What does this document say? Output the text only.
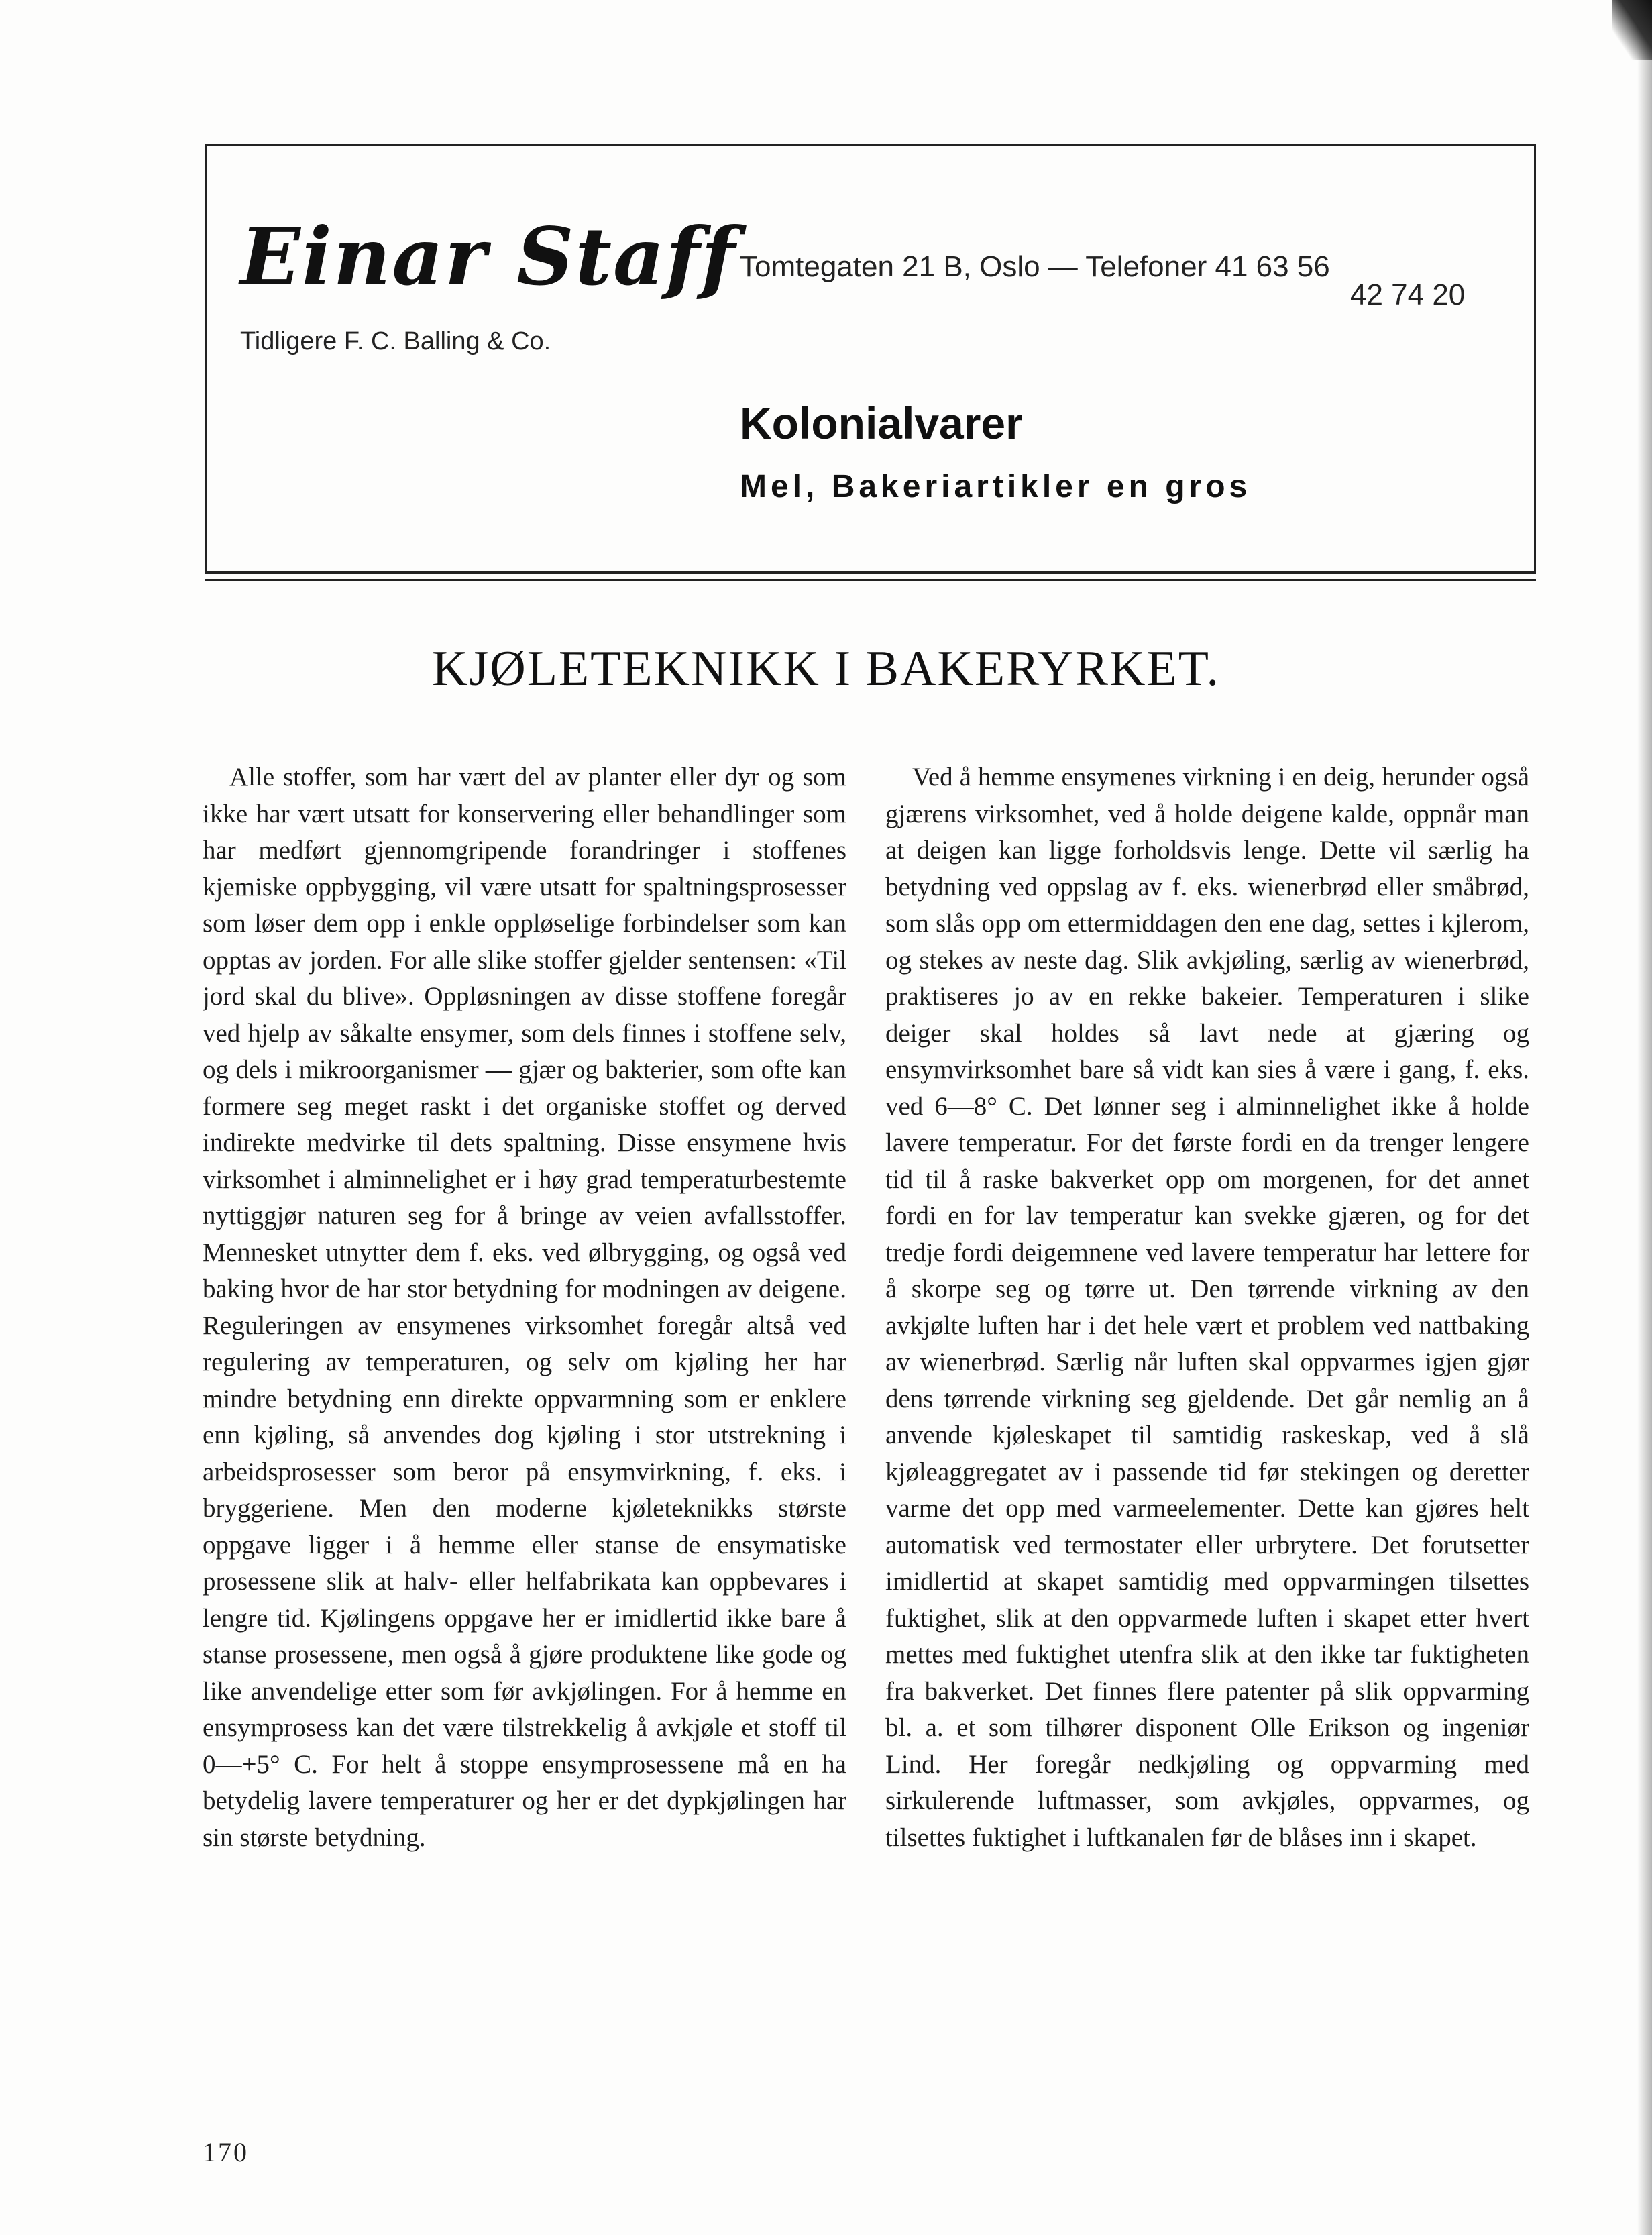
Einar Staff
Tidligere F. C. Balling & Co.
Tomtegaten 21 B, Oslo — Telefoner 41 63 56
42 74 20
Kolonialvarer
Mel, Bakeriartikler en gros
KJØLETEKNIKK I BAKERYRKET.

Alle stoffer, som har vært del av planter eller dyr og som ikke har vært utsatt for konservering eller behandlinger som har medført gjennomgripende forandringer i stoffenes kjemiske oppbygging, vil være utsatt for spaltningsprosesser som løser dem opp i enkle oppløselige forbindelser som kan opptas av jorden. For alle slike stoffer gjelder sentensen: «Til jord skal du blive». Oppløsningen av disse stoffene foregår ved hjelp av såkalte ensymer, som dels finnes i stoffene selv, og dels i mikroorganismer — gjær og bakterier, som ofte kan formere seg meget raskt i det organiske stoffet og derved indirekte medvirke til dets spaltning. Disse ensymene hvis virksomhet i alminnelighet er i høy grad temperaturbestemte nyttiggjør naturen seg for å bringe av veien avfallsstoffer. Mennesket utnytter dem f. eks. ved ølbrygging, og også ved baking hvor de har stor betydning for modningen av deigene. Reguleringen av ensymenes virksomhet foregår altså ved regulering av temperaturen, og selv om kjøling her har mindre betydning enn direkte oppvarmning som er enklere enn kjøling, så anvendes dog kjøling i stor utstrekning i arbeidsprosesser som beror på ensymvirkning, f. eks. i bryggeriene. Men den moderne kjøleteknikks største oppgave ligger i å hemme eller stanse de ensymatiske prosessene slik at halv- eller helfabrikata kan oppbevares i lengre tid. Kjølingens oppgave her er imidlertid ikke bare å stanse prosessene, men også å gjøre produktene like gode og like anvendelige etter som før avkjølingen. For å hemme en ensymprosess kan det være tilstrekkelig å avkjøle et stoff til 0—+5° C. For helt å stoppe ensymprosessene må en ha betydelig lavere temperaturer og her er det dypkjølingen har sin største betydning.

Ved å hemme ensymenes virkning i en deig, herunder også gjærens virksomhet, ved å holde deigene kalde, oppnår man at deigen kan ligge forholdsvis lenge. Dette vil særlig ha betydning ved oppslag av f. eks. wienerbrød eller småbrød, som slås opp om ettermiddagen den ene dag, settes i kjlerom, og stekes av neste dag. Slik avkjøling, særlig av wienerbrød, praktiseres jo av en rekke bakeier. Temperaturen i slike deiger skal holdes så lavt nede at gjæring og ensymvirksomhet bare så vidt kan sies å være i gang, f. eks. ved 6—8° C. Det lønner seg i alminnelighet ikke å holde lavere temperatur. For det første fordi en da trenger lengere tid til å raske bakverket opp om morgenen, for det annet fordi en for lav temperatur kan svekke gjæren, og for det tredje fordi deigemnene ved lavere temperatur har lettere for å skorpe seg og tørre ut. Den tørrende virkning av den avkjølte luften har i det hele vært et problem ved nattbaking av wienerbrød. Særlig når luften skal oppvarmes igjen gjør dens tørrende virkning seg gjeldende. Det går nemlig an å anvende kjøleskapet til samtidig raskeskap, ved å slå kjøleaggregatet av i passende tid før stekingen og deretter varme det opp med varmeelementer. Dette kan gjøres helt automatisk ved termostater eller urbrytere. Det forutsetter imidlertid at skapet samtidig med oppvarmingen tilsettes fuktighet, slik at den oppvarmede luften i skapet etter hvert mettes med fuktighet utenfra slik at den ikke tar fuktigheten fra bakverket. Det finnes flere patenter på slik oppvarming bl. a. et som tilhører disponent Olle Erikson og ingeniør Lind. Her foregår nedkjøling og oppvarming med sirkulerende luftmasser, som avkjøles, oppvarmes, og tilsettes fuktighet i luftkanalen før de blåses inn i skapet.

170
